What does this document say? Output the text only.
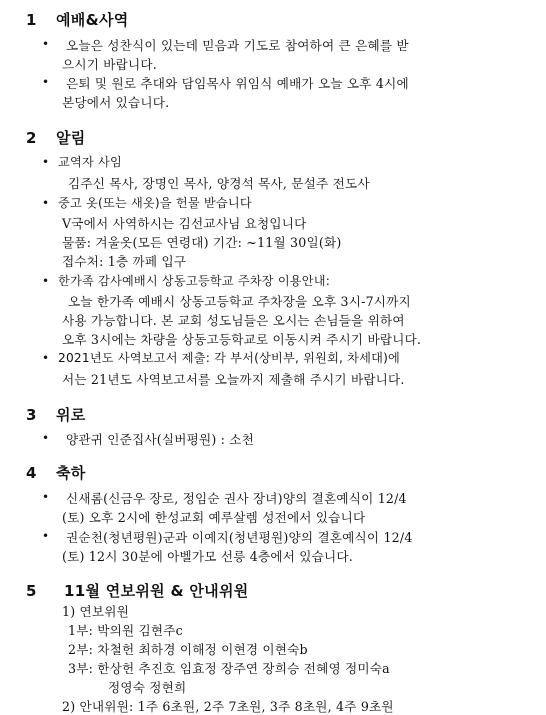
1 예배&사역
• 오늘은 성찬식이 있는데 믿음과 기도로 참여하여 큰 은혜를 받
으시기 바랍니다.
• 은퇴 및 원로 추대와 담임목사 위임식 예배가 오늘 오후 4시에
본당에서 있습니다.
2 알림
• 교역자 사임
김주신 목사, 장명인 목사, 양경석 목사, 문설주 전도사
• 중고 옷(또는 새옷)을 헌물 받습니다
V국에서 사역하시는 김선교사님 요청입니다
물품: 겨울옷(모든 연령대) 기간: ~11월 30일(화)
접수처: 1층 까페 입구
• 한가족 감사예배시 상동고등학교 주차장 이용안내:
오늘 한가족 예배시 상동고등학교 주차장을 오후 3시-7시까지
사용 가능합니다. 본 교회 성도님들은 오시는 손님들을 위하여
오후 3시에는 차량을 상동고등학교로 이동시켜 주시기 바랍니다.
• 2021년도 사역보고서 제출: 각 부서(상비부, 위원회, 차세대)에
서는 21년도 사역보고서를 오늘까지 제출해 주시기 바랍니다.
3 위로
• 양관귀 인준집사(실버평원) : 소천
4 축하
• 신새롬(신금우 장로, 정임순 권사 장녀)양의 결혼예식이 12/4
(토) 오후 2시에 한성교회 예루살렘 성전에서 있습니다
• 권순천(청년평원)군과 이예지(청년평원)양의 결혼예식이 12/4
(토) 12시 30분에 아벨가모 선릉 4층에서 있습니다.
5 11월 연보위원 & 안내위원
1) 연보위원
1부: 박의원 김현주c
2부: 차철헌 최하경 이해정 이현경 이현숙b
3부: 한상헌 추진호 임효정 장주연 장희승 전혜영 정미숙a
정영숙 정현희
2) 안내위원: 1주 6초원, 2주 7초원, 3주 8초원, 4주 9초원
